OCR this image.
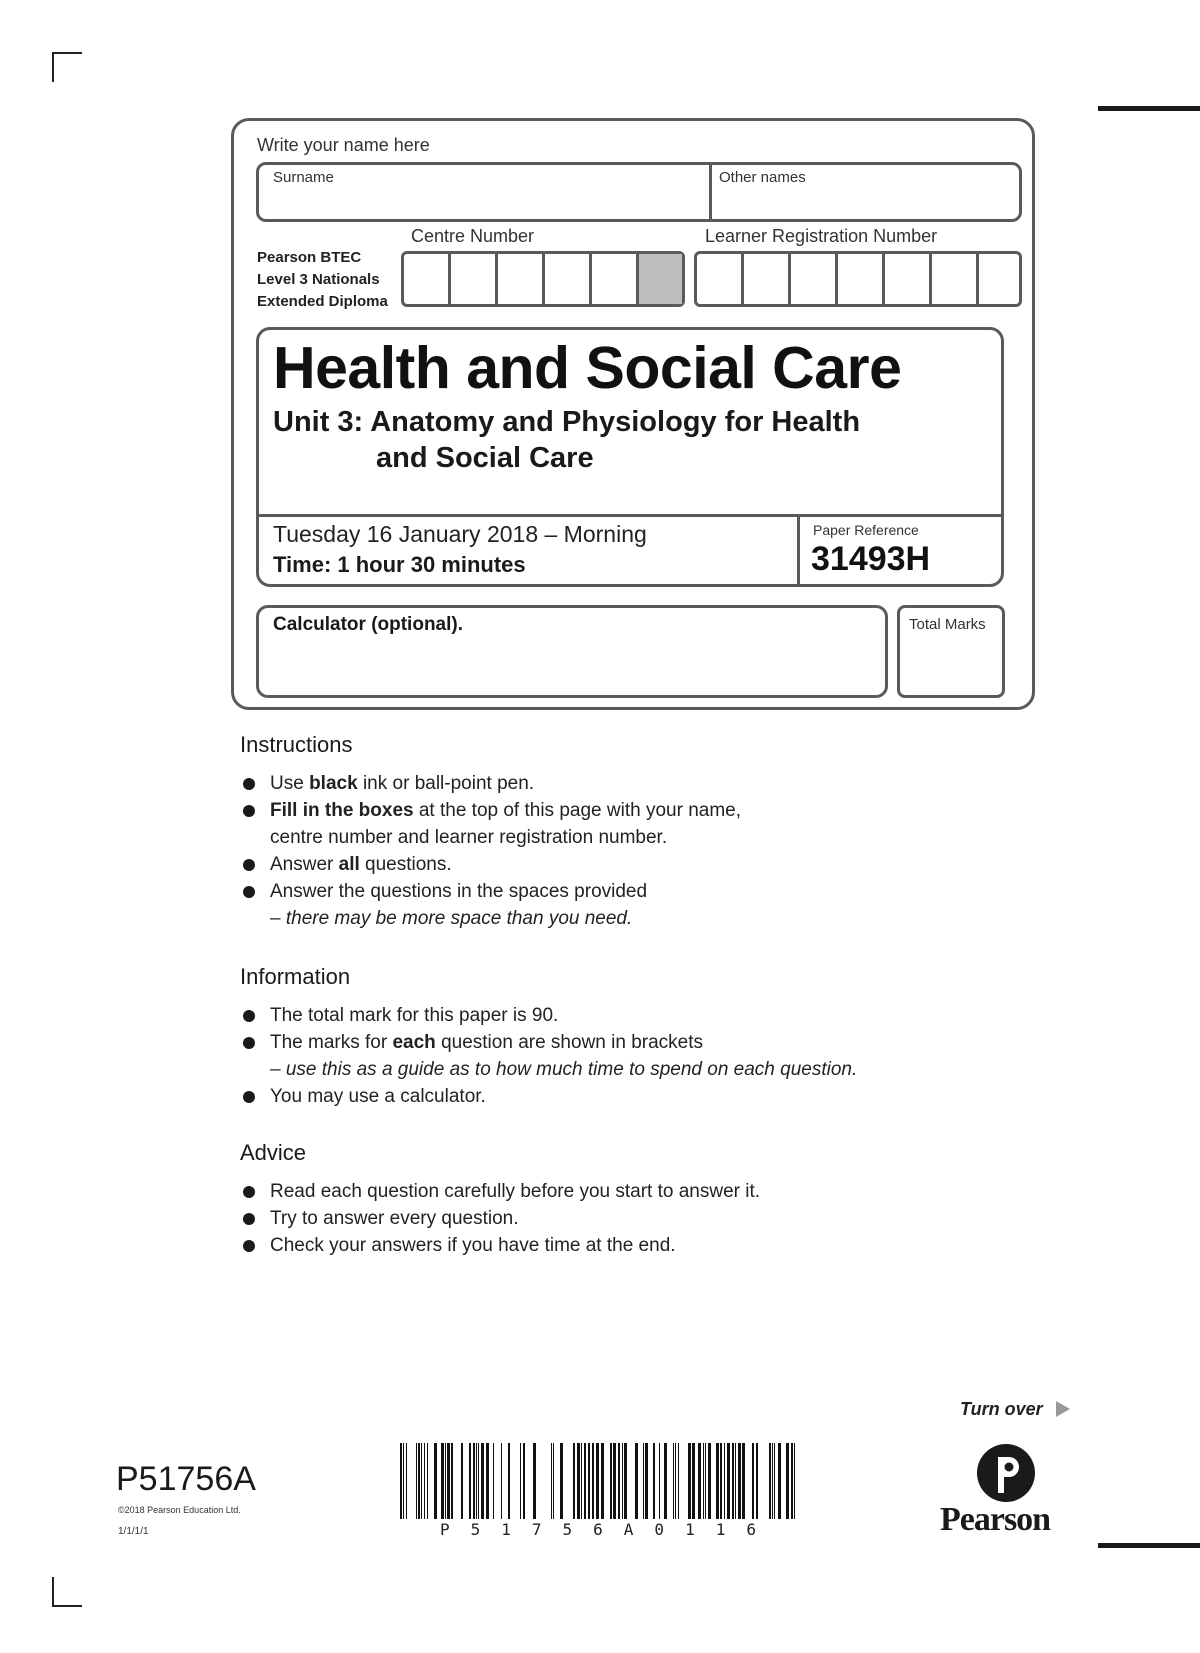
Write your name here
Surname	Other names
Pearson BTEC
Level 3 Nationals
Extended Diploma
Centre Number	Learner Registration Number
Health and Social Care
Unit 3: Anatomy and Physiology for Health
and Social Care
Tuesday 16 January 2018 – Morning
Time: 1 hour 30 minutes
Paper Reference
31493H
Calculator (optional).	Total Marks
Instructions
Use black ink or ball-point pen.
Fill in the boxes at the top of this page with your name,
centre number and learner registration number.
Answer all questions.
Answer the questions in the spaces provided
– there may be more space than you need.
Information
The total mark for this paper is 90.
The marks for each question are shown in brackets
– use this as a guide as to how much time to spend on each question.
You may use a calculator.
Advice
Read each question carefully before you start to answer it.
Try to answer every question.
Check your answers if you have time at the end.
Turn over
P51756A
©2018 Pearson Education Ltd.
1/1/1/1	P51756A0116	Pearson
